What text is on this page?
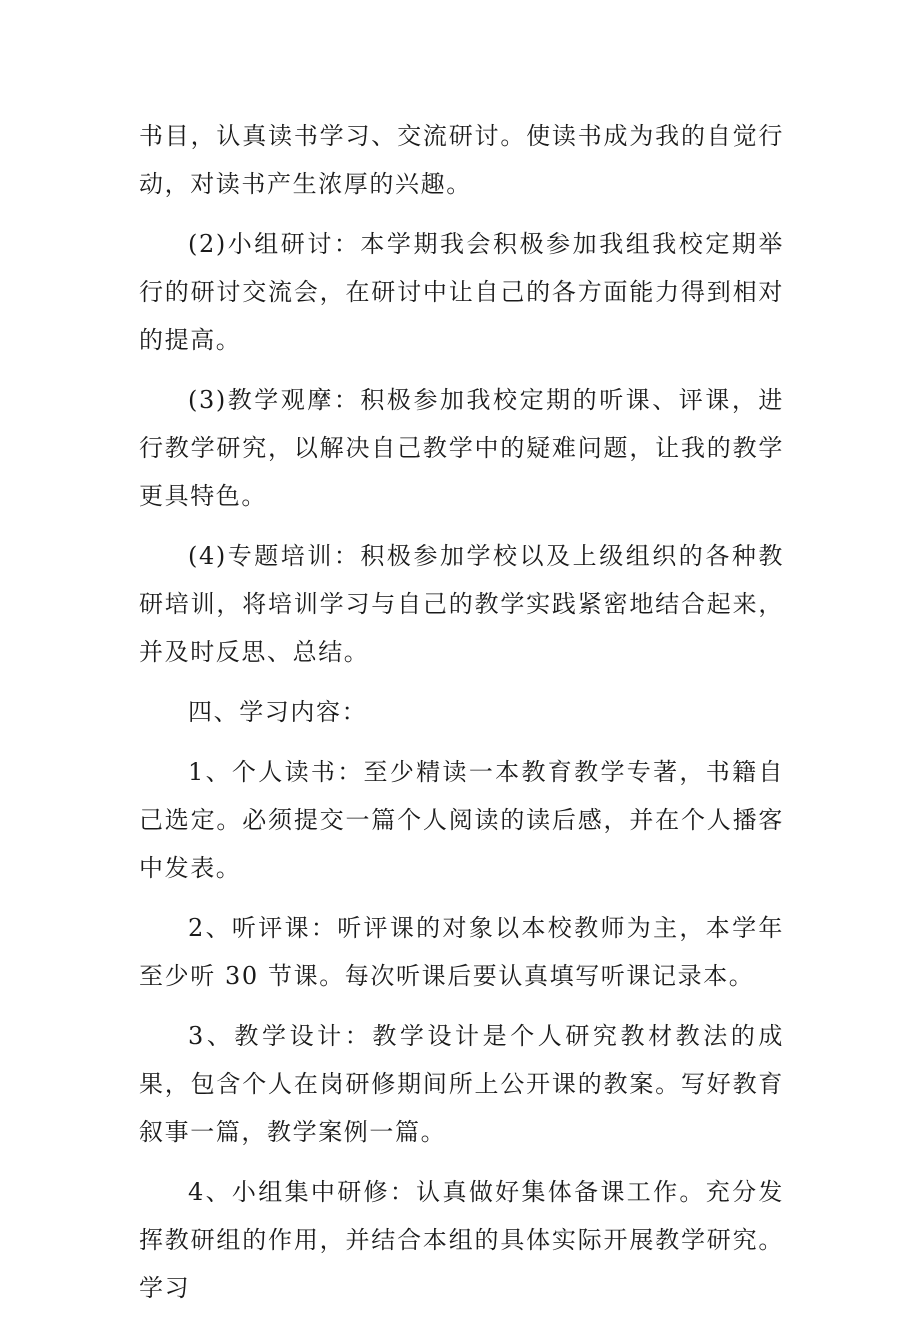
书目，认真读书学习、交流研讨。使读书成为我的自觉行动，对读书产生浓厚的兴趣。

(2)小组研讨：本学期我会积极参加我组我校定期举行的研讨交流会，在研讨中让自己的各方面能力得到相对的提高。

(3)教学观摩：积极参加我校定期的听课、评课，进行教学研究，以解决自己教学中的疑难问题，让我的教学更具特色。

(4)专题培训：积极参加学校以及上级组织的各种教研培训，将培训学习与自己的教学实践紧密地结合起来，并及时反思、总结。

四、学习内容：

1、个人读书：至少精读一本教育教学专著，书籍自己选定。必须提交一篇个人阅读的读后感，并在个人播客中发表。

2、听评课：听评课的对象以本校教师为主，本学年至少听 30 节课。每次听课后要认真填写听课记录本。

3、教学设计：教学设计是个人研究教材教法的成果，包含个人在岗研修期间所上公开课的教案。写好教育叙事一篇，教学案例一篇。

4、小组集中研修：认真做好集体备课工作。充分发挥教研组的作用，并结合本组的具体实际开展教学研究。学习
